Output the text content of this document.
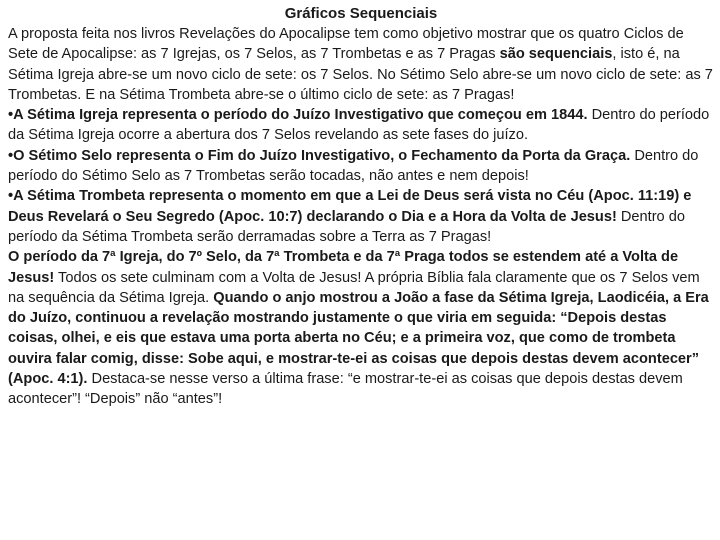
Gráficos Sequenciais

A proposta feita nos livros Revelações do Apocalipse tem como objetivo mostrar que os quatro Ciclos de Sete de Apocalipse: as 7 Igrejas, os 7 Selos, as 7 Trombetas e as 7 Pragas são sequenciais, isto é, na Sétima Igreja abre-se um novo ciclo de sete: os 7 Selos. No Sétimo Selo abre-se um novo ciclo de sete: as 7 Trombetas. E na Sétima Trombeta abre-se o último ciclo de sete: as 7 Pragas!

•A Sétima Igreja representa o período do Juízo Investigativo que começou em 1844. Dentro do período da Sétima Igreja ocorre a abertura dos 7 Selos revelando as sete fases do juízo.

•O Sétimo Selo representa o Fim do Juízo Investigativo, o Fechamento da Porta da Graça. Dentro do período do Sétimo Selo as 7 Trombetas serão tocadas, não antes e nem depois!

•A Sétima Trombeta representa o momento em que a Lei de Deus será vista no Céu (Apoc. 11:19) e Deus Revelará o Seu Segredo (Apoc. 10:7) declarando o Dia e a Hora da Volta de Jesus! Dentro do período da Sétima Trombeta serão derramadas sobre a Terra as 7 Pragas!

O período da 7ª Igreja, do 7º Selo, da 7ª Trombeta e da 7ª Praga todos se estendem até a Volta de Jesus! Todos os sete culminam com a Volta de Jesus! A própria Bíblia fala claramente que os 7 Selos vem na sequência da Sétima Igreja. Quando o anjo mostrou a João a fase da Sétima Igreja, Laodicéia, a Era do Juízo, continuou a revelação mostrando justamente o que viria em seguida: “Depois destas coisas, olhei, e eis que estava uma porta aberta no Céu; e a primeira voz, que como de trombeta ouvira falar comig, disse: Sobe aqui, e mostrar-te-ei as coisas que depois destas devem acontecer” (Apoc. 4:1). Destaca-se nesse verso a última frase: “e mostrar-te-ei as coisas que depois destas devem acontecer”! “Depois” não “antes”!
